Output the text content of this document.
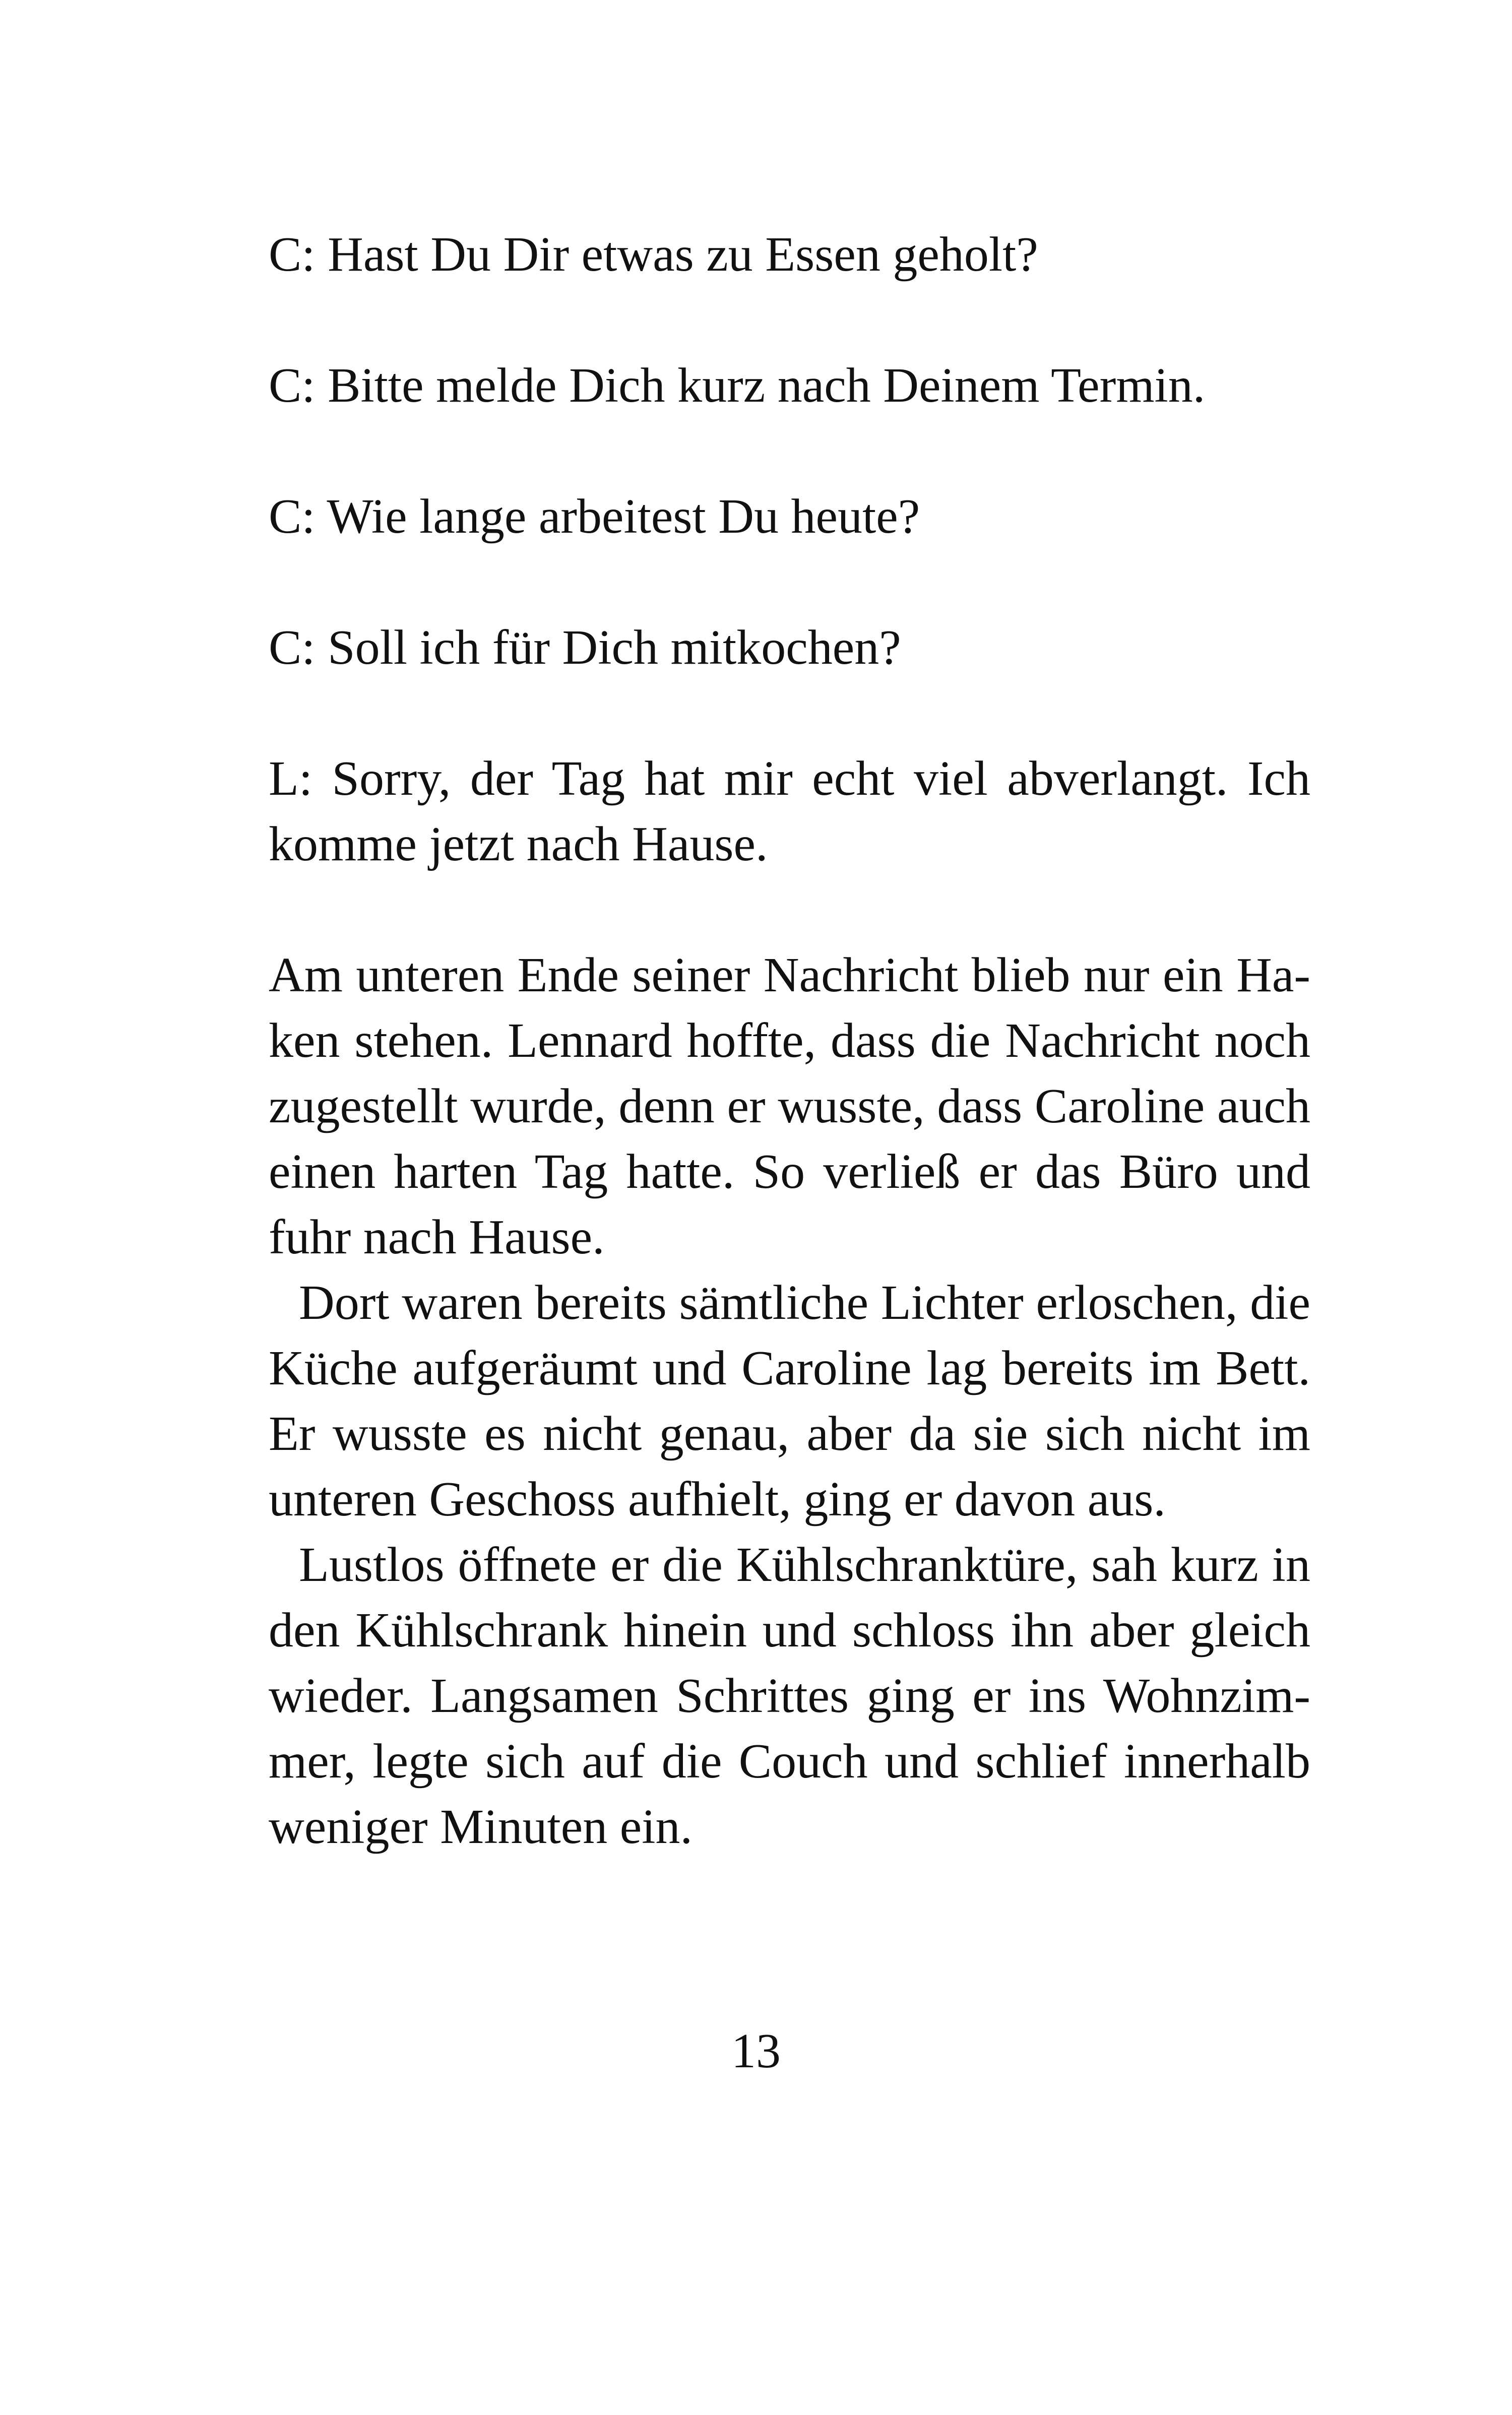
C: Hast Du Dir etwas zu Essen geholt?

C: Bitte melde Dich kurz nach Deinem Termin.

C: Wie lange arbeitest Du heute?

C: Soll ich für Dich mitkochen?

L: Sorry, der Tag hat mir echt viel abverlangt. Ich
komme jetzt nach Hause.

Am unteren Ende seiner Nachricht blieb nur ein Ha-
ken stehen. Lennard hoffte, dass die Nachricht noch
zugestellt wurde, denn er wusste, dass Caroline auch
einen harten Tag hatte. So verließ er das Büro und
fuhr nach Hause.

Dort waren bereits sämtliche Lichter erloschen, die
Küche aufgeräumt und Caroline lag bereits im Bett.
Er wusste es nicht genau, aber da sie sich nicht im
unteren Geschoss aufhielt, ging er davon aus.

Lustlos öffnete er die Kühlschranktüre, sah kurz in
den Kühlschrank hinein und schloss ihn aber gleich
wieder. Langsamen Schrittes ging er ins Wohnzim-
mer, legte sich auf die Couch und schlief innerhalb
weniger Minuten ein.

13
